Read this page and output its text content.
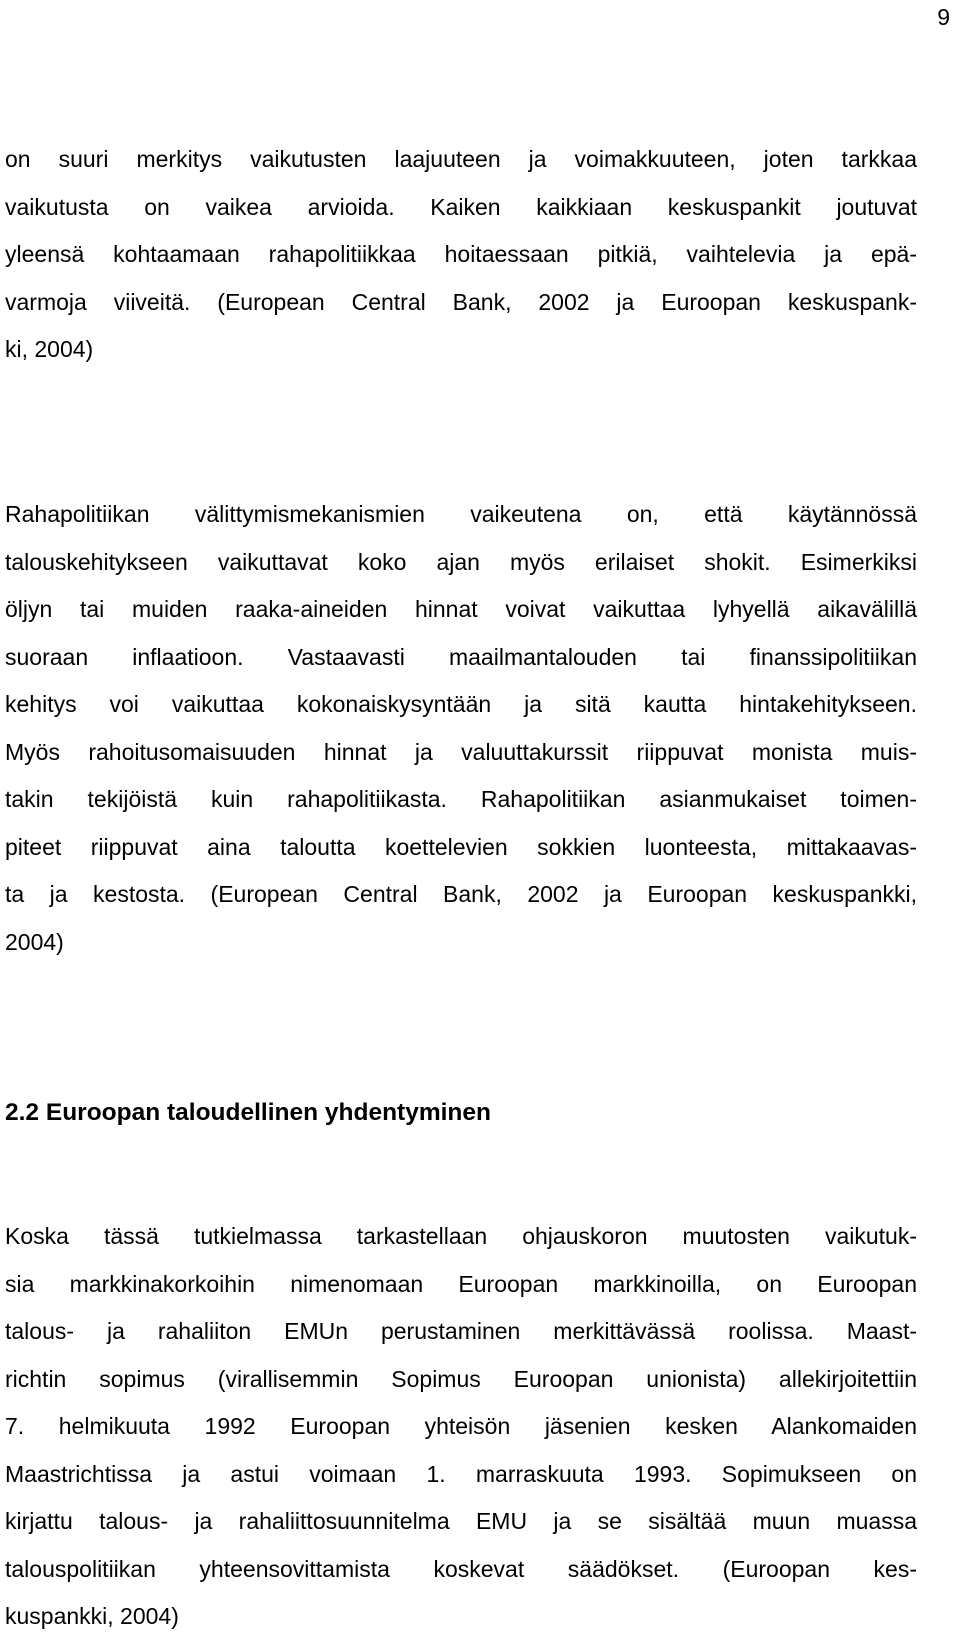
9

on suuri merkitys vaikutusten laajuuteen ja voimakkuuteen, joten tarkkaa
vaikutusta on vaikea arvioida. Kaiken kaikkiaan keskuspankit joutuvat
yleensä kohtaamaan rahapolitiikkaa hoitaessaan pitkiä, vaihtelevia ja epä-
varmoja viiveitä. (European Central Bank, 2002 ja Euroopan keskuspank-
ki, 2004)

Rahapolitiikan välittymismekanismien vaikeutena on, että käytännössä
talouskehitykseen vaikuttavat koko ajan myös erilaiset shokit. Esimerkiksi
öljyn tai muiden raaka-aineiden hinnat voivat vaikuttaa lyhyellä aikavälillä
suoraan inflaatioon. Vastaavasti maailmantalouden tai finanssipolitiikan
kehitys voi vaikuttaa kokonaiskysyntään ja sitä kautta hintakehitykseen.
Myös rahoitusomaisuuden hinnat ja valuuttakurssit riippuvat monista muis-
takin tekijöistä kuin rahapolitiikasta. Rahapolitiikan asianmukaiset toimen-
piteet riippuvat aina taloutta koettelevien sokkien luonteesta, mittakaavas-
ta ja kestosta. (European Central Bank, 2002 ja Euroopan keskuspankki,
2004)

2.2 Euroopan taloudellinen yhdentyminen

Koska tässä tutkielmassa tarkastellaan ohjauskoron muutosten vaikutuk-
sia markkinakorkoihin nimenomaan Euroopan markkinoilla, on Euroopan
talous- ja rahaliiton EMUn perustaminen merkittävässä roolissa. Maast-
richtin sopimus (virallisemmin Sopimus Euroopan unionista) allekirjoitettiin
7. helmikuuta 1992 Euroopan yhteisön jäsenien kesken Alankomaiden
Maastrichtissa ja astui voimaan 1. marraskuuta 1993. Sopimukseen on
kirjattu talous- ja rahaliittosuunnitelma EMU ja se sisältää muun muassa
talouspolitiikan yhteensovittamista koskevat säädökset. (Euroopan kes-
kuspankki, 2004)
